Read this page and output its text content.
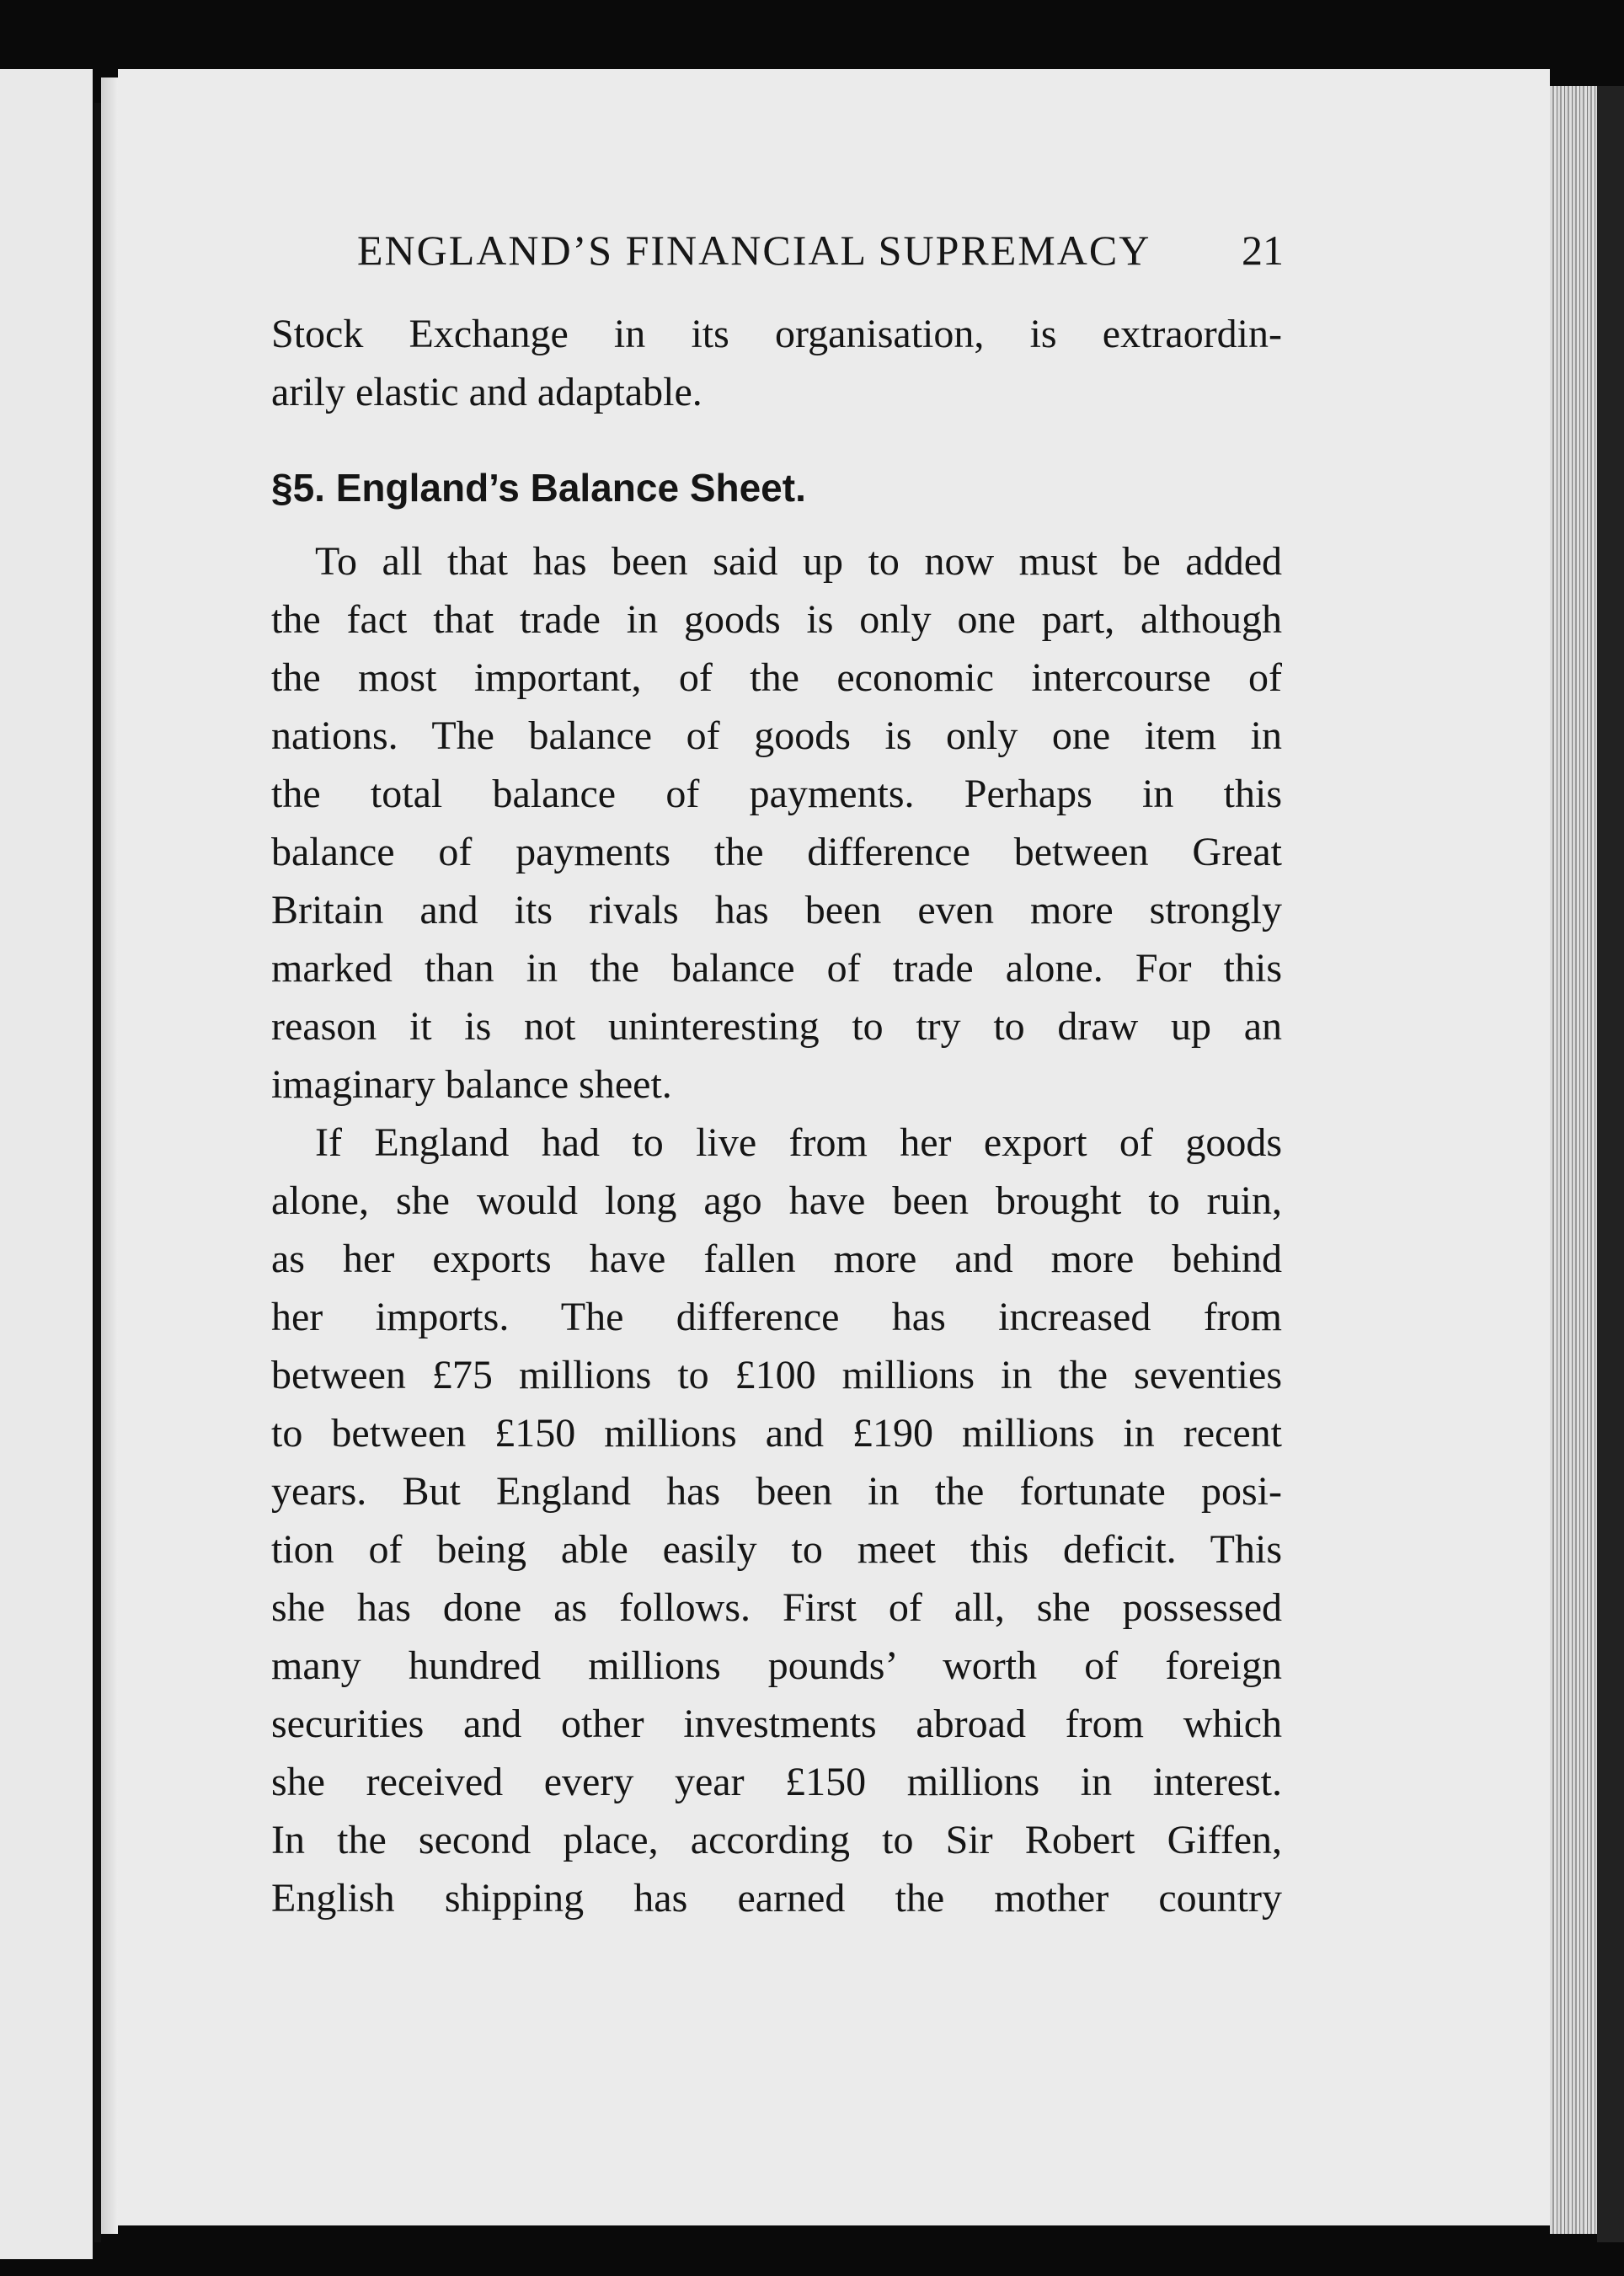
ENGLAND’S FINANCIAL SUPREMACY	21
Stock Exchange in its organisation, is extraordin-
arily elastic and adaptable.
§5. England’s Balance Sheet.
To all that has been said up to now must be added
the fact that trade in goods is only one part, although
the most important, of the economic intercourse of
nations. The balance of goods is only one item in
the total balance of payments. Perhaps in this
balance of payments the difference between Great
Britain and its rivals has been even more strongly
marked than in the balance of trade alone. For this
reason it is not uninteresting to try to draw up an
imaginary balance sheet.
If England had to live from her export of goods
alone, she would long ago have been brought to ruin,
as her exports have fallen more and more behind
her imports. The difference has increased from
between £75 millions to £100 millions in the seventies
to between £150 millions and £190 millions in recent
years. But England has been in the fortunate posi-
tion of being able easily to meet this deficit. This
she has done as follows. First of all, she possessed
many hundred millions pounds’ worth of foreign
securities and other investments abroad from which
she received every year £150 millions in interest.
In the second place, according to Sir Robert Giffen,
English shipping has earned the mother country
